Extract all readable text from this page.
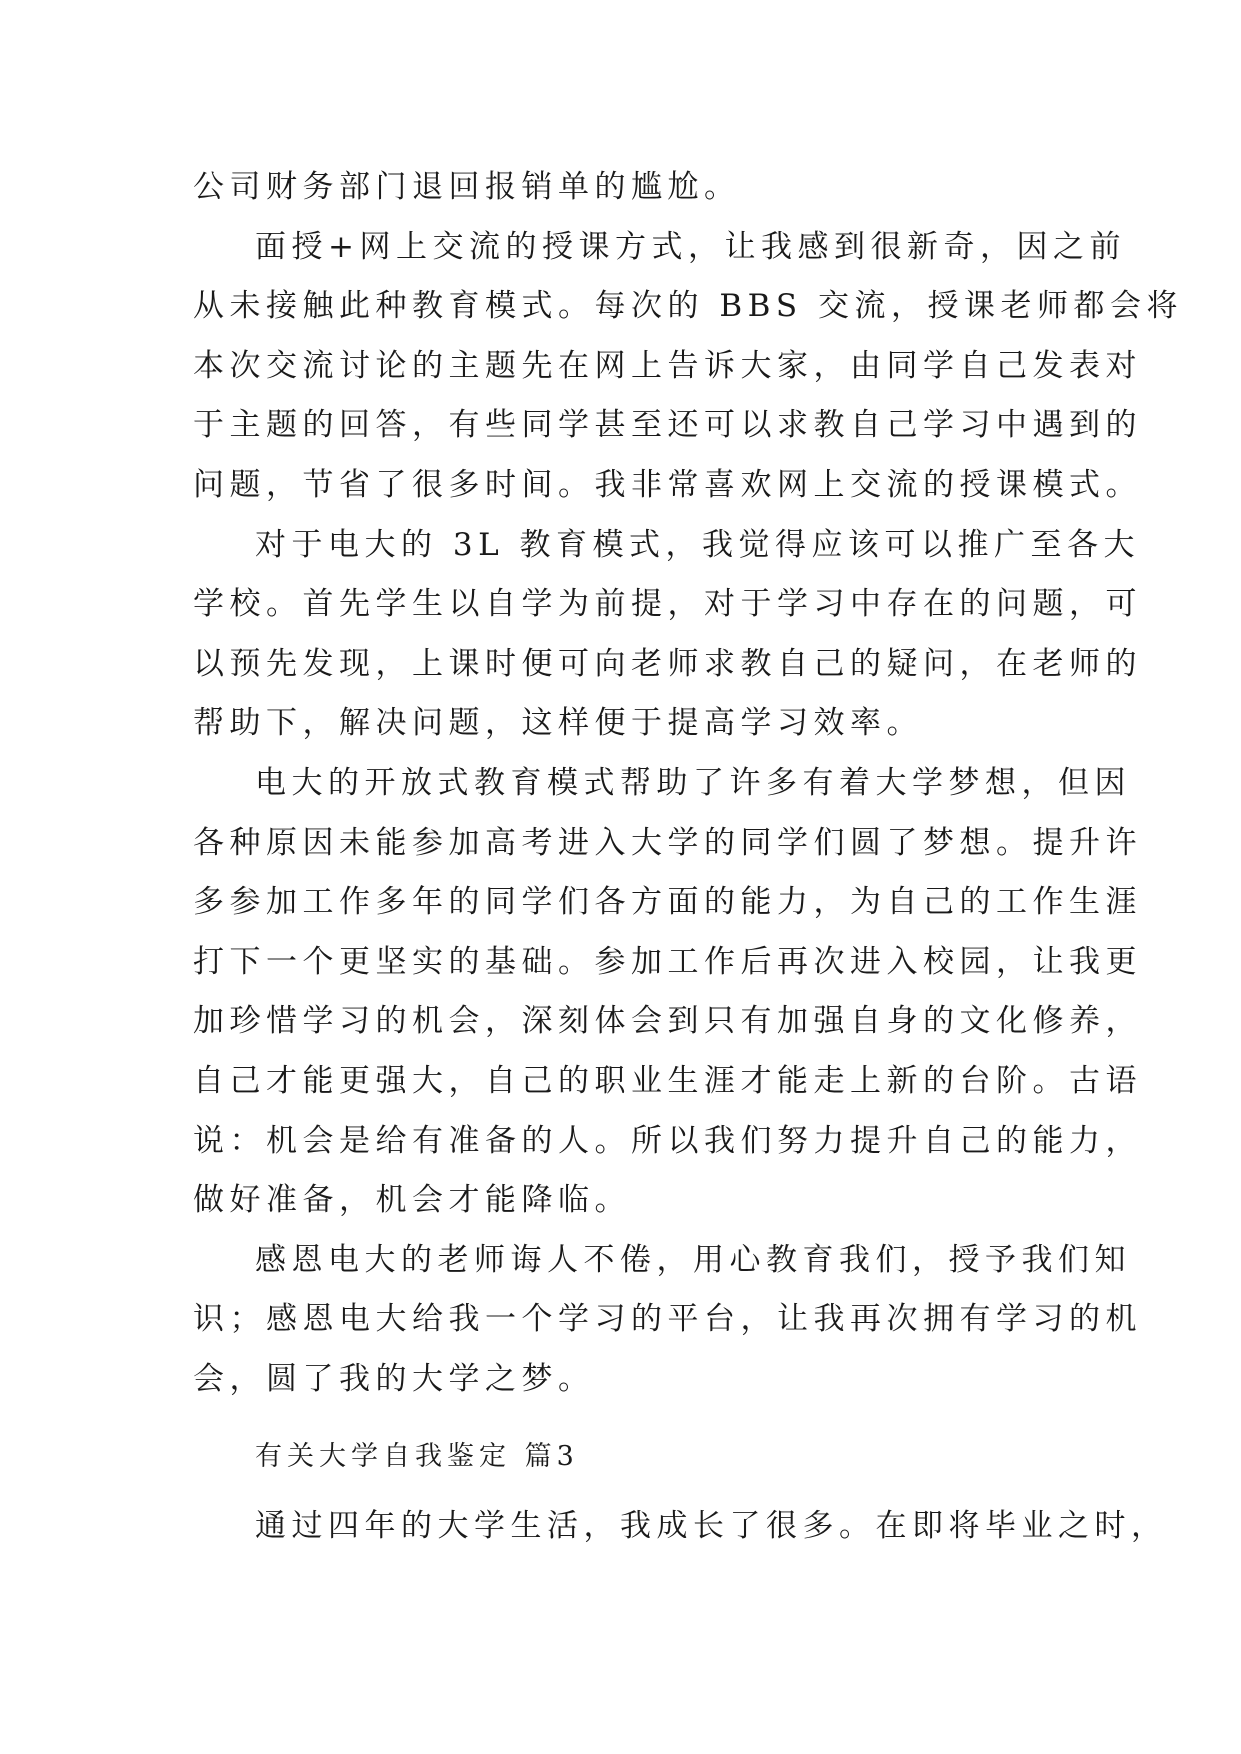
公司财务部门退回报销单的尴尬。
面授+网上交流的授课方式，让我感到很新奇，因之前
从未接触此种教育模式。每次的 BBS 交流，授课老师都会将
本次交流讨论的主题先在网上告诉大家，由同学自己发表对
于主题的回答，有些同学甚至还可以求教自己学习中遇到的
问题，节省了很多时间。我非常喜欢网上交流的授课模式。
对于电大的 3L 教育模式，我觉得应该可以推广至各大
学校。首先学生以自学为前提，对于学习中存在的问题，可
以预先发现，上课时便可向老师求教自己的疑问，在老师的
帮助下，解决问题，这样便于提高学习效率。
电大的开放式教育模式帮助了许多有着大学梦想，但因
各种原因未能参加高考进入大学的同学们圆了梦想。提升许
多参加工作多年的同学们各方面的能力，为自己的工作生涯
打下一个更坚实的基础。参加工作后再次进入校园，让我更
加珍惜学习的机会，深刻体会到只有加强自身的文化修养，
自己才能更强大，自己的职业生涯才能走上新的台阶。古语
说：机会是给有准备的人。所以我们努力提升自己的能力，
做好准备，机会才能降临。
感恩电大的老师诲人不倦，用心教育我们，授予我们知
识；感恩电大给我一个学习的平台，让我再次拥有学习的机
会，圆了我的大学之梦。
有关大学自我鉴定 篇3
通过四年的大学生活，我成长了很多。在即将毕业之时，
